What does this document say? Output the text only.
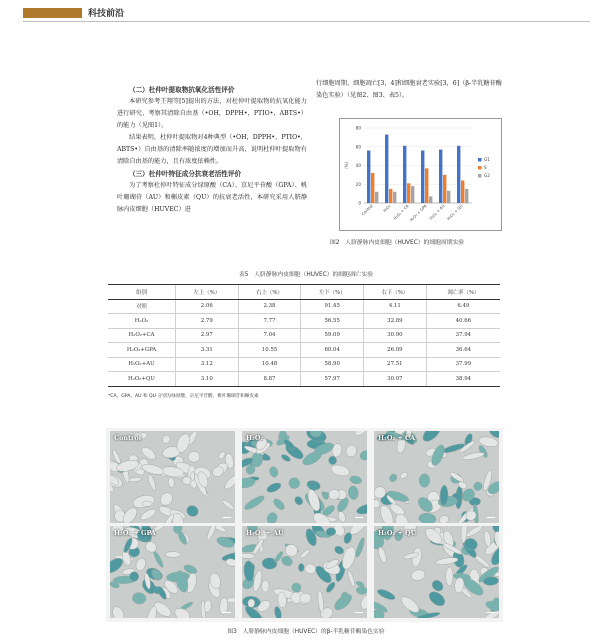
科技前沿

（二）杜仲叶提取物抗氧化活性评价

本研究参考王翔等[5]提出的方法，对杜仲叶提取物的抗氧化能力进行研究，考察其清除自由基（•OH，DPPH•，PTIO•，ABTS•）的能力（见图1）。

结果表明，杜仲叶提取物对4种典型（•OH，DPPH•，PTIO•，ABTS•）自由基的清除率随浓度的增加而升高，说明杜仲叶提取物有清除自由基的能力，且有浓度依赖性。

（三）杜仲叶特征成分抗衰老活性评价

为了考察杜仲叶特征成分绿原酸（CA）、京尼平苷酸（GPA）、桃叶珊瑚苷（AU）和槲皮素（QU）的抗衰老活性，本研究采用人脐静脉内皮细胞（HUVEC）进

行细胞周期、细胞凋亡[3，4]和细胞衰老实验[3，6]（β-半乳糖苷酶染色实验）（见图2、图3、表5）。

0
20
40
60
80
（%）
Control H₂O₂ H₂O₂ + CA
H₂O₂ + GPA H₂O₂ + AU H₂O₂ + QU
G1
S
G2
图2　人脐静脉内皮细胞（HUVEC）的细胞周期实验
表5　人脐静脉内皮细胞（HUVEC）的细胞凋亡实验
组别	左上（%）	右上（%）	左下（%）	右下（%）	凋亡率（%）
对照	2.06	2.38	91.45	4.11	6.49
H₂O₂	2.79	7.77	56.55	32.89	40.66
H₂O₂+CA	2.97	7.04	59.09	30.90	37.94
H₂O₂+GPA	3.31	10.55	60.04	26.09	36.64
H₂O₂+AU	3.12	10.48	58.90	27.51	37.99
H₂O₂+QU	3.10	8.87	57.97	30.07	38.94
*CA、GPA、AU 和 QU 分别为绿原酸、京尼平苷酸、桃叶珊瑚苷和槲皮素
Control	H₂O₂	H₂O₂ + CA
H₂O₂ + GPA	H₂O₂ + AU	H₂O₂ + QU
图3　人脐静脉内皮细胞（HUVEC）的β-半乳糖苷酶染色实验
